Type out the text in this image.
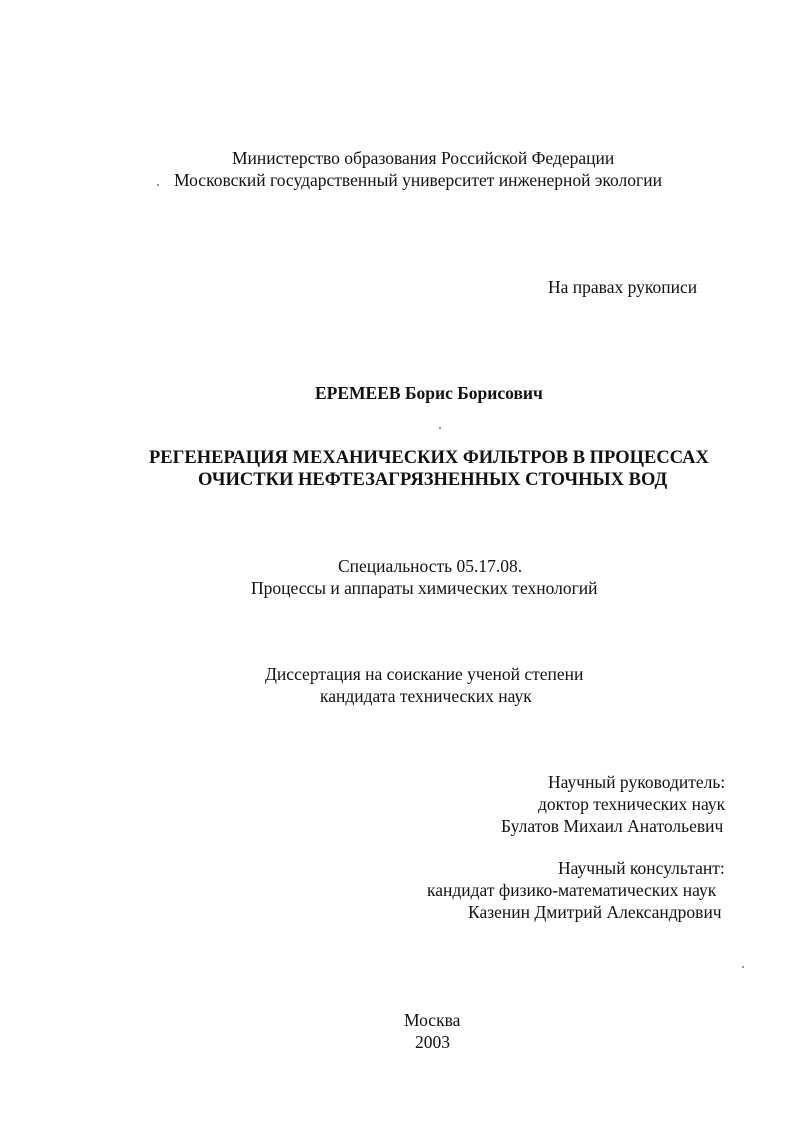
Министерство образования Российской Федерации
Московский государственный университет инженерной экологии
На правах рукописи
ЕРЕМЕЕВ Борис Борисович
РЕГЕНЕРАЦИЯ МЕХАНИЧЕСКИХ ФИЛЬТРОВ В ПРОЦЕССАХ
ОЧИСТКИ НЕФТЕЗАГРЯЗНЕННЫХ СТОЧНЫХ ВОД
Специальность 05.17.08.
Процессы и аппараты химических технологий
Диссертация на соискание ученой степени
кандидата технических наук
Научный руководитель:
доктор технических наук
Булатов Михаил Анатольевич
Научный консультант:
кандидат физико-математических наук
Казенин Дмитрий Александрович
Москва
2003
